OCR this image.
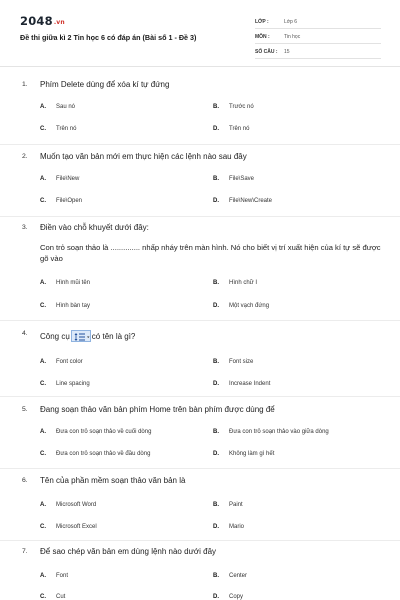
2048.vn
Đề thi giữa kì 2 Tin học 6 có đáp án (Bài số 1 - Đề 3)
LỚP :	Lớp 6
MÔN :	Tin học
SỐ CÂU :	15
1. Phím Delete dùng để xóa kí tự đứng
A. Sau nó	B. Trước nó
C. Trên nó	D. Trên nó
2. Muốn tạo văn bản mới em thực hiện các lệnh nào sau đây
A. File\New	B. File\Save
C. File\Open	D. File\New\Create
3. Điền vào chỗ khuyết dưới đây:
Con trỏ soạn thảo là .............. nhấp nháy trên màn hình. Nó cho biết vị trí xuất hiện của kí tự sẽ được gõ vào
A. Hình mũi tên	B. Hình chữ I
C. Hình bàn tay	D. Một vạch đứng
4. Công cụ	có tên là gì?
A. Font color	B. Font size
C. Line spacing	D. Increase Indent
5. Đang soạn thảo văn bản phím Home trên bàn phím được dùng để
A. Đưa con trỏ soạn thảo về cuối dòng	B. Đưa con trỏ soạn thảo vào giữa dòng
C. Đưa con trỏ soạn thảo về đầu dòng	D. Không làm gì hết
6. Tên của phần mềm soạn thảo văn bản là
A. Microsoft Word	B. Paint
C. Microsoft Excel	D. Mario
7. Để sao chép văn bản em dùng lệnh nào dưới đây
A. Font	B. Center
C. Cut	D. Copy
